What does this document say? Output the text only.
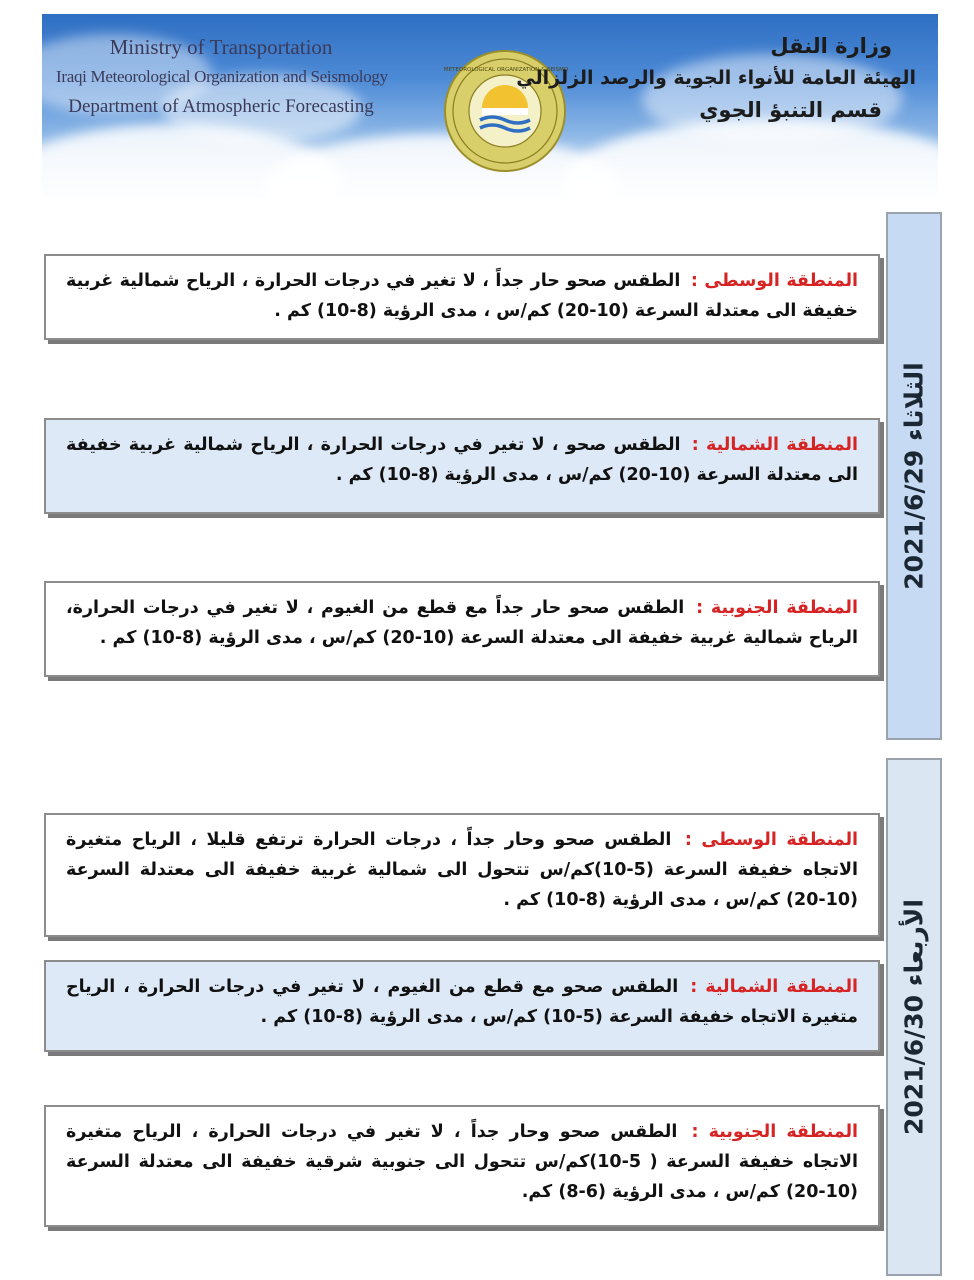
Ministry of Transportation
Iraqi Meteorological Organization and Seismology
Department of Atmospheric Forecasting
METEOROLOGICAL ORGANIZATION & SEISMO
وزارة النقل
الهيئة العامة للأنواء الجوية والرصد الزلزالي
قسم التنبؤ الجوي
الثلاثاء 2021/6/29
الأربعاء 2021/6/30
المنطقة الوسطى : الطقس صحو حار جداً ، لا تغير في درجات الحرارة ، الرياح شمالية غربية خفيفة الى معتدلة السرعة (10-20) كم/س ، مدى الرؤية (8-10) كم .
المنطقة الشمالية : الطقس صحو ، لا تغير في درجات الحرارة ، الرياح شمالية غربية خفيفة الى معتدلة السرعة (10-20) كم/س ، مدى الرؤية (8-10) كم .
المنطقة الجنوبية : الطقس صحو حار جداً مع قطع من الغيوم ، لا تغير في درجات الحرارة، الرياح شمالية غربية خفيفة الى معتدلة السرعة (10-20) كم/س ، مدى الرؤية (8-10) كم .
المنطقة الوسطى : الطقس صحو وحار جداً ، درجات الحرارة ترتفع قليلا ، الرياح متغيرة الاتجاه خفيفة السرعة (5-10)كم/س تتحول الى شمالية غربية خفيفة الى معتدلة السرعة (10-20) كم/س ، مدى الرؤية (8-10) كم .
المنطقة الشمالية : الطقس صحو مع قطع من الغيوم ، لا تغير في درجات الحرارة ، الرياح متغيرة الاتجاه خفيفة السرعة (5-10) كم/س ، مدى الرؤية (8-10) كم .
المنطقة الجنوبية : الطقس صحو وحار جداً ، لا تغير في درجات الحرارة ، الرياح متغيرة الاتجاه خفيفة السرعة ( 5-10)كم/س تتحول الى جنوبية شرقية خفيفة الى معتدلة السرعة (10-20) كم/س ، مدى الرؤية (6-8) كم.
